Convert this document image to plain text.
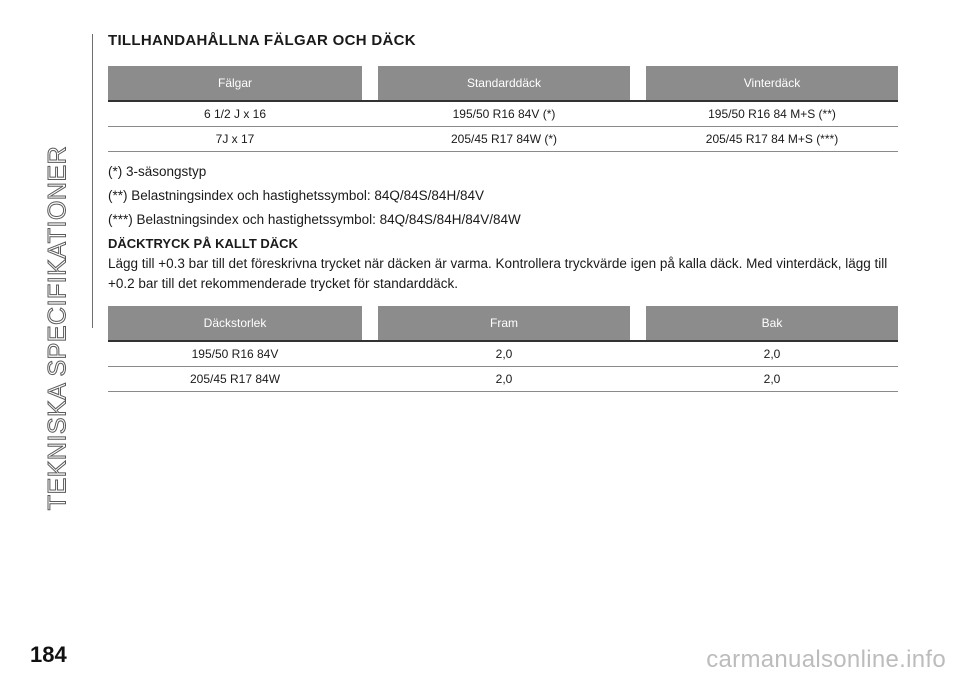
TEKNISKA SPECIFIKATIONER
TILLHANDAHÅLLNA FÄLGAR OCH DÄCK
Fälgar	Standarddäck	Vinterdäck
6 1/2 J x 16	195/50 R16 84V (*)	195/50 R16 84 M+S (**)
7J x 17	205/45 R17 84W (*)	205/45 R17 84 M+S (***)

(*) 3-säsongstyp

(**) Belastningsindex och hastighetssymbol: 84Q/84S/84H/84V

(***) Belastningsindex och hastighetssymbol: 84Q/84S/84H/84V/84W

DÄCKTRYCK PÅ KALLT DÄCK

Lägg till +0.3 bar till det föreskrivna trycket när däcken är varma. Kontrollera tryckvärde igen på kalla däck. Med vinterdäck, lägg till +0.2 bar till det rekommenderade trycket för standarddäck.

Däckstorlek	Fram	Bak
195/50 R16 84V	2,0	2,0
205/45 R17 84W	2,0	2,0
184	carmanualsonline.info
